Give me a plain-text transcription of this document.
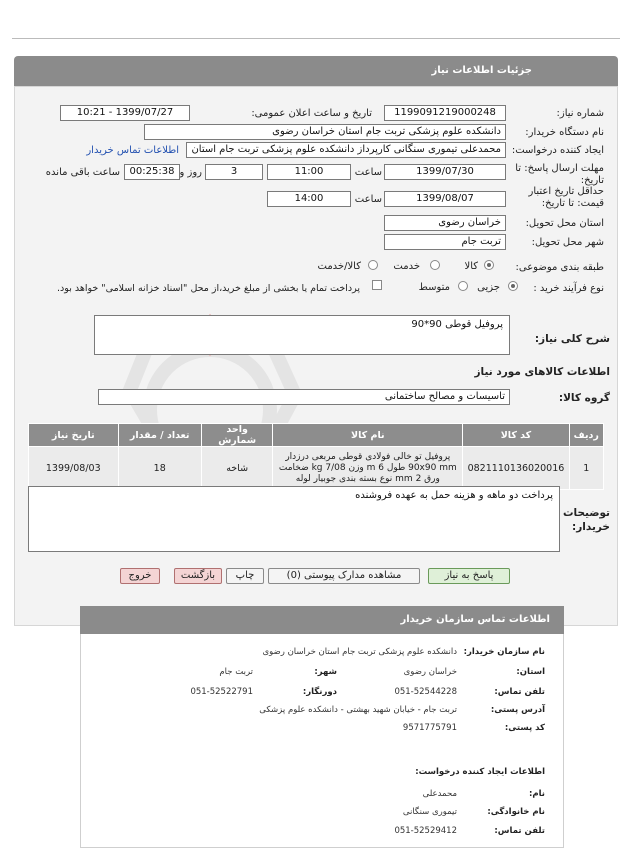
جزئیات اطلاعات نیاز
شماره نیاز:
1199091219000248
تاریخ و ساعت اعلان عمومی:
1399/07/27 - 10:21
نام دستگاه خریدار:
دانشکده علوم پزشکی تربت جام استان خراسان رضوی
ایجاد کننده درخواست:
محمدعلی تیموری سنگانی کارپرداز دانشکده علوم پزشکی تربت جام استان
اطلاعات تماس خریدار
مهلت ارسال پاسخ: تا تاریخ:
1399/07/30
ساعت
11:00
3
روز و
00:25:38
ساعت باقی مانده
حداقل تاریخ اعتبار قیمت: تا تاریخ:
1399/08/07
ساعت
14:00
استان محل تحویل:
خراسان رضوی
شهر محل تحویل:
تربت جام
طبقه بندی موضوعی:
کالا
خدمت
کالا/خدمت
نوع فرآیند خرید :
جزیی
متوسط
پرداخت تمام یا بخشی از مبلغ خرید،از محل "اسناد خزانه اسلامی" خواهد بود.
شرح کلی نیاز:
پروفیل قوطی 90*90
اطلاعات کالاهای مورد نیاز
گروه کالا:
تاسیسات و مصالح ساختمانی
ردیف	کد کالا	نام کالا	واحد شمارش	تعداد / مقدار	تاریخ نیاز
1	0821110136020016	پروفیل تو خالی فولادی قوطی مربعی درزدار 90x90 mm طول 6 m وزن 7/08 kg ضخامت ورق 2 mm نوع بسته بندی جوبیار لوله	شاخه	18	1399/08/03
توضیحات خریدار:
پرداخت دو ماهه و هزینه حمل به عهده فروشنده
پاسخ به نیاز
مشاهده مدارک پیوستی (0)
چاپ
بازگشت
خروج
اطلاعات تماس سازمان خریدار
نام سازمان خریدار:
دانشکده علوم پزشکی تربت جام استان خراسان رضوی
استان:
خراسان رضوی
شهر:
تربت جام
تلفن تماس:
051-52544228
دورنگار:
051-52522791
آدرس پستی:
تربت جام - خیابان شهید بهشتی - دانشکده علوم پزشکی
کد پستی:
9571775791
اطلاعات ایجاد کننده درخواست:
نام:
محمدعلی
نام خانوادگی:
تیموری سنگانی
تلفن تماس:
051-52529412
